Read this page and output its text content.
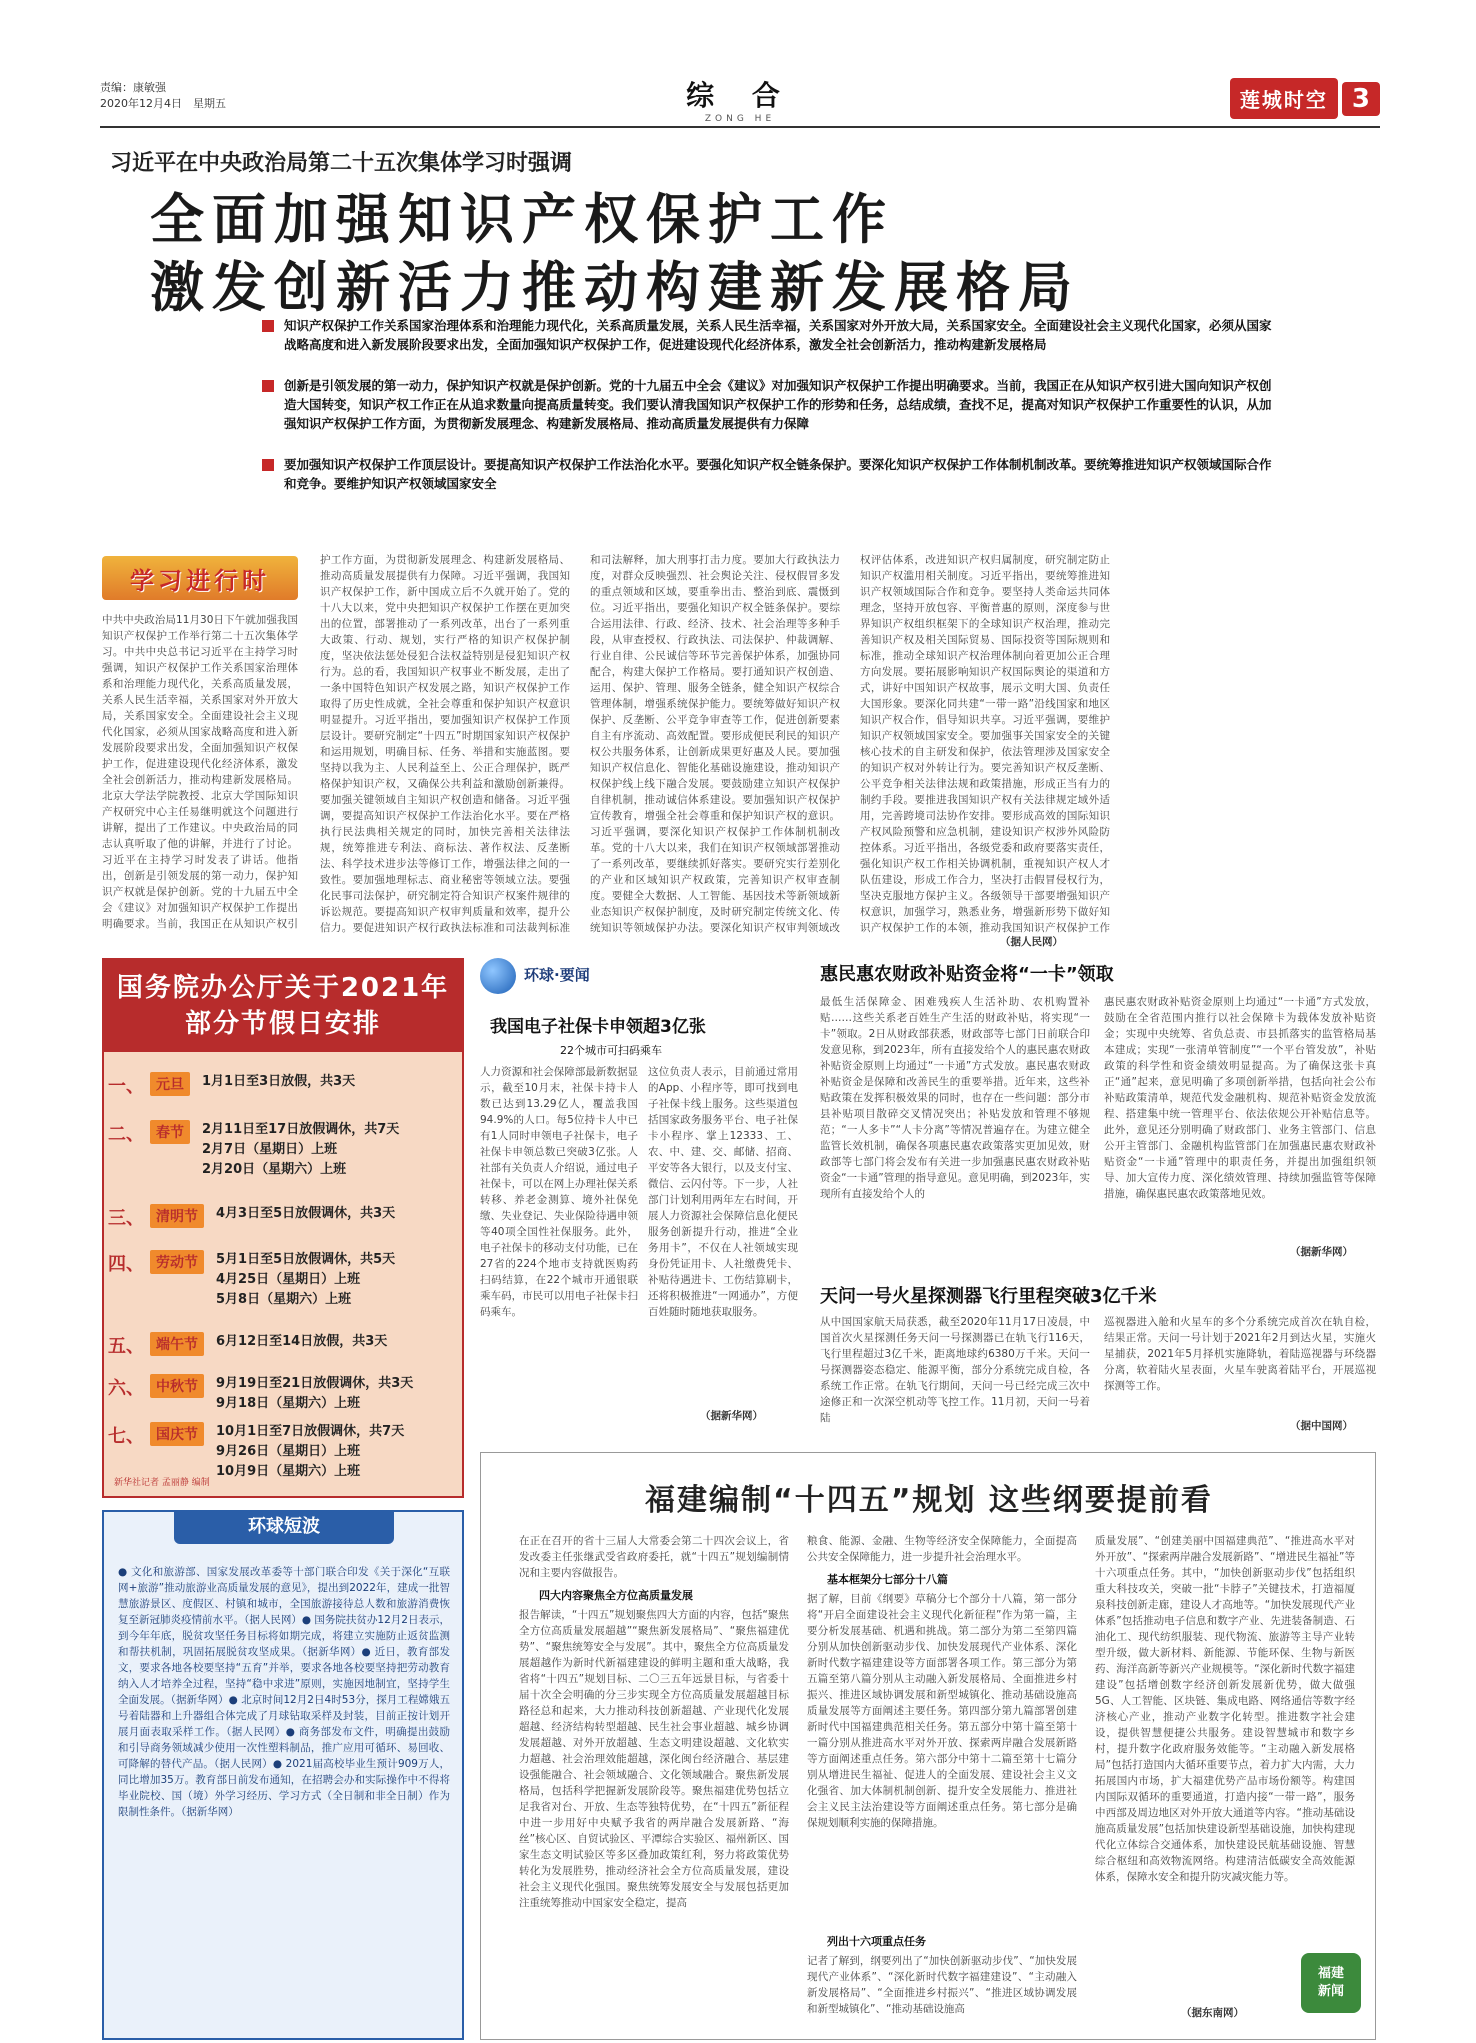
责编：康敏强
2020年12月4日　星期五	综 合
ZONG HE
莲城时空 3
习近平在中央政治局第二十五次集体学习时强调
全面加强知识产权保护工作
激发创新活力推动构建新发展格局

知识产权保护工作关系国家治理体系和治理能力现代化，关系高质量发展，关系人民生活幸福，关系国家对外开放大局，关系国家安全。全面建设社会主义现代化国家，必须从国家战略高度和进入新发展阶段要求出发，全面加强知识产权保护工作，促进建设现代化经济体系，激发全社会创新活力，推动构建新发展格局

创新是引领发展的第一动力，保护知识产权就是保护创新。党的十九届五中全会《建议》对加强知识产权保护工作提出明确要求。当前，我国正在从知识产权引进大国向知识产权创造大国转变，知识产权工作正在从追求数量向提高质量转变。我们要认清我国知识产权保护工作的形势和任务，总结成绩，查找不足，提高对知识产权保护工作重要性的认识，从加强知识产权保护工作方面，为贯彻新发展理念、构建新发展格局、推动高质量发展提供有力保障

要加强知识产权保护工作顶层设计。要提高知识产权保护工作法治化水平。要强化知识产权全链条保护。要深化知识产权保护工作体制机制改革。要统筹推进知识产权领域国际合作和竞争。要维护知识产权领域国家安全

学习进行时
中共中央政治局11月30日下午就加强我国知识产权保护工作举行第二十五次集体学习。中共中央总书记习近平在主持学习时强调，知识产权保护工作关系国家治理体系和治理能力现代化，关系高质量发展，关系人民生活幸福，关系国家对外开放大局，关系国家安全。全面建设社会主义现代化国家，必须从国家战略高度和进入新发展阶段要求出发，全面加强知识产权保护工作，促进建设现代化经济体系，激发全社会创新活力，推动构建新发展格局。北京大学法学院教授、北京大学国际知识产权研究中心主任易继明就这个问题进行讲解，提出了工作建议。中央政治局的同志认真听取了他的讲解，并进行了讨论。习近平在主持学习时发表了讲话。他指出，创新是引领发展的第一动力，保护知识产权就是保护创新。党的十九届五中全会《建议》对加强知识产权保护工作提出明确要求。当前，我国正在从知识产权引
护工作方面，为贯彻新发展理念、构建新发展格局、推动高质量发展提供有力保障。习近平强调，我国知识产权保护工作，新中国成立后不久就开始了。党的十八大以来，党中央把知识产权保护工作摆在更加突出的位置，部署推动了一系列改革，出台了一系列重大政策、行动、规划，实行严格的知识产权保护制度，坚决依法惩处侵犯合法权益特别是侵犯知识产权行为。总的看，我国知识产权事业不断发展，走出了一条中国特色知识产权发展之路，知识产权保护工作取得了历史性成就，全社会尊重和保护知识产权意识明显提升。习近平指出，要加强知识产权保护工作顶层设计。要研究制定“十四五”时期国家知识产权保护和运用规划，明确目标、任务、举措和实施蓝图。要坚持以我为主、人民利益至上、公正合理保护，既严格保护知识产权，又确保公共利益和激励创新兼得。要加强关键领域自主知识产权创造和储备。习近平强调，要提高知识产权保护工作法治化水平。要在严格执行民法典相关规定的同时，加快完善相关法律法规，统筹推进专利法、商标法、著作权法、反垄断法、科学技术进步法等修订工作，增强法律之间的一致性。要加强地理标志、商业秘密等领域立法。要强化民事司法保护，研究制定符合知识产权案件规律的诉讼规范。要提高知识产权审判质量和效率，提升公信力。要促进知识产权行政执法标准和司法裁判标准
和司法解释，加大刑事打击力度。要加大行政执法力度，对群众反映强烈、社会舆论关注、侵权假冒多发的重点领域和区域，要重拳出击、整治到底、震慑到位。习近平指出，要强化知识产权全链条保护。要综合运用法律、行政、经济、技术、社会治理等多种手段，从审查授权、行政执法、司法保护、仲裁调解、行业自律、公民诚信等环节完善保护体系，加强协同配合，构建大保护工作格局。要打通知识产权创造、运用、保护、管理、服务全链条，健全知识产权综合管理体制，增强系统保护能力。要统筹做好知识产权保护、反垄断、公平竞争审查等工作，促进创新要素自主有序流动、高效配置。要形成便民利民的知识产权公共服务体系，让创新成果更好惠及人民。要加强知识产权信息化、智能化基础设施建设，推动知识产权保护线上线下融合发展。要鼓励建立知识产权保护自律机制，推动诚信体系建设。要加强知识产权保护宣传教育，增强全社会尊重和保护知识产权的意识。习近平强调，要深化知识产权保护工作体制机制改革。党的十八大以来，我们在知识产权领域部署推动了一系列改革，要继续抓好落实。要研究实行差别化的产业和区域知识产权政策，完善知识产权审查制度。要健全大数据、人工智能、基因技术等新领域新业态知识产权保护制度，及时研究制定传统文化、传统知识等领域保护办法。要深化知识产权审判领域改
权评估体系，改进知识产权归属制度，研究制定防止知识产权滥用相关制度。习近平指出，要统筹推进知识产权领域国际合作和竞争。要坚持人类命运共同体理念，坚持开放包容、平衡普惠的原则，深度参与世界知识产权组织框架下的全球知识产权治理，推动完善知识产权及相关国际贸易、国际投资等国际规则和标准，推动全球知识产权治理体制向着更加公正合理方向发展。要拓展影响知识产权国际舆论的渠道和方式，讲好中国知识产权故事，展示文明大国、负责任大国形象。要深化同共建“一带一路”沿线国家和地区知识产权合作，倡导知识共享。习近平强调，要维护知识产权领域国家安全。要加强事关国家安全的关键核心技术的自主研发和保护，依法管理涉及国家安全的知识产权对外转让行为。要完善知识产权反垄断、公平竞争相关法律法规和政策措施，形成正当有力的制约手段。要推进我国知识产权有关法律规定域外适用，完善跨境司法协作安排。要形成高效的国际知识产权风险预警和应急机制，建设知识产权涉外风险防控体系。习近平指出，各级党委和政府要落实责任，强化知识产权工作相关协调机制，重视知识产权人才队伍建设，形成工作合力，坚决打击假冒侵权行为，坚决克服地方保护主义。各级领导干部要增强知识产权意识，加强学习，熟悉业务，增强新形势下做好知识产权保护工作的本领，推动我国知识产权保护工作
（据人民网）
国务院办公厅关于2021年
部分节假日安排
一、 元旦	1月1日至3日放假，共3天
二、 春节	2月11日至17日放假调休，共7天
2月7日（星期日）上班
2月20日（星期六）上班
三、 清明节	4月3日至5日放假调休，共3天
四、 劳动节	5月1日至5日放假调休，共5天
4月25日（星期日）上班
5月8日（星期六）上班
五、 端午节	6月12日至14日放假，共3天
六、 中秋节	9月19日至21日放假调休，共3天
9月18日（星期六）上班
七、 国庆节	10月1日至7日放假调休，共7天
9月26日（星期日）上班
10月9日（星期六）上班
新华社记者 孟丽静 编制
环球短波
● 文化和旅游部、国家发展改革委等十部门联合印发《关于深化“互联网+旅游”推动旅游业高质量发展的意见》，提出到2022年，建成一批智慧旅游景区、度假区、村镇和城市，全国旅游接待总人数和旅游消费恢复至新冠肺炎疫情前水平。（据人民网）● 国务院扶贫办12月2日表示，到今年年底，脱贫攻坚任务目标将如期完成，将建立实施防止返贫监测和帮扶机制，巩固拓展脱贫攻坚成果。（据新华网）● 近日，教育部发文，要求各地各校要坚持“五育”并举，要求各地各校要坚持把劳动教育纳入人才培养全过程，坚持“稳中求进”原则，实施因地制宜，坚持学生全面发展。（据新华网）● 北京时间12月2日4时53分，探月工程嫦娥五号着陆器和上升器组合体完成了月球钻取采样及封装，目前正按计划开展月面表取采样工作。（据人民网）● 商务部发布文件，明确提出鼓励和引导商务领域减少使用一次性塑料制品，推广应用可循环、易回收、可降解的替代产品。（据人民网）● 2021届高校毕业生预计909万人，同比增加35万。教育部日前发布通知，在招聘会办和实际操作中不得将毕业院校、国（境）外学习经历、学习方式（全日制和非全日制）作为限制性条件。（据新华网）
环球·要闻
我国电子社保卡申领超3亿张
22个城市可扫码乘车
人力资源和社会保障部最新数据显示，截至10月末，社保卡持卡人数已达到13.29亿人，覆盖我国94.9%的人口。每5位持卡人中已有1人同时申领电子社保卡，电子社保卡申领总数已突破3亿张。人社部有关负责人介绍说，通过电子社保卡，可以在网上办理社保关系转移、养老金测算、境外社保免缴、失业登记、失业保险待遇申领等40项全国性社保服务。此外，电子社保卡的移动支付功能，已在27省的224个地市支持就医购药扫码结算，在22个城市开通银联乘车码，市民可以用电子社保卡扫码乘车。
这位负责人表示，目前通过常用的App、小程序等，即可找到电子社保卡线上服务。这些渠道包括国家政务服务平台、电子社保卡小程序、掌上12333、工、农、中、建、交、邮储、招商、平安等各大银行，以及支付宝、微信、云闪付等。下一步，人社部门计划利用两年左右时间，开展人力资源社会保障信息化便民服务创新提升行动，推进“全业务用卡”，不仅在人社领域实现身份凭证用卡、人社缴费凭卡、补贴待遇进卡、工伤结算刷卡，还将积极推进“一网通办”，方便百姓随时随地获取服务。
（据新华网）
惠民惠农财政补贴资金将“一卡”领取
最低生活保障金、困难残疾人生活补助、农机购置补贴……这些关系老百姓生产生活的财政补贴，将实现“一卡”领取。2日从财政部获悉，财政部等七部门日前联合印发意见称，到2023年，所有直接发给个人的惠民惠农财政补贴资金原则上均通过“一卡通”方式发放。惠民惠农财政补贴资金是保障和改善民生的重要举措。近年来，这些补贴政策在发挥积极效果的同时，也存在一些问题：部分市县补贴项目散碎交叉情况突出；补贴发放和管理不够规范；“一人多卡”“人卡分离”等情况普遍存在。为建立健全监管长效机制，确保各项惠民惠农政策落实更加见效，财政部等七部门将会发布有关进一步加强惠民惠农财政补贴资金“一卡通”管理的指导意见。意见明确，到2023年，实现所有直接发给个人的
惠民惠农财政补贴资金原则上均通过“一卡通”方式发放，鼓励在全省范围内推行以社会保障卡为载体发放补贴资金；实现中央统筹、省负总责、市县抓落实的监管格局基本建成；实现“一张清单管制度”“一个平台管发放”，补贴政策的科学性和资金绩效明显提高。为了确保这张卡真正“通”起来，意见明确了多项创新举措，包括向社会公布补贴政策清单，规范代发金融机构、规范补贴资金发放流程、搭建集中统一管理平台、依法依规公开补贴信息等。此外，意见还分别明确了财政部门、业务主管部门、信息公开主管部门、金融机构监管部门在加强惠民惠农财政补贴资金“一卡通”管理中的职责任务，并提出加强组织领导、加大宣传力度、深化绩效管理、持续加强监管等保障措施，确保惠民惠农政策落地见效。
（据新华网）
天问一号火星探测器飞行里程突破3亿千米
从中国国家航天局获悉，截至2020年11月17日凌晨，中国首次火星探测任务天问一号探测器已在轨飞行116天，飞行里程超过3亿千米，距离地球约6380万千米。天问一号探测器姿态稳定、能源平衡，部分分系统完成自检，各系统工作正常。在轨飞行期间，天问一号已经完成三次中途修正和一次深空机动等飞控工作。11月初，天问一号着陆
巡视器进入舱和火星车的多个分系统完成首次在轨自检，结果正常。天问一号计划于2021年2月到达火星，实施火星捕获，2021年5月择机实施降轨，着陆巡视器与环绕器分离，软着陆火星表面，火星车驶离着陆平台，开展巡视探测等工作。
（据中国网）
福建编制“十四五”规划 这些纲要提前看
在正在召开的省十三届人大常委会第二十四次会议上，省发改委主任张继武受省政府委托，就“十四五”规划编制情况和主要内容做报告。
四大内容聚焦全方位高质量发展
报告解读，“十四五”规划聚焦四大方面的内容，包括“聚焦全方位高质量发展超越”“聚焦新发展格局”、“聚焦福建优势”、“聚焦统筹安全与发展”。其中，聚焦全方位高质量发展超越作为新时代新福建建设的鲜明主题和重大战略，我省将“十四五”规划目标、二〇三五年远景目标，与省委十届十次全会明确的分三步实现全方位高质量发展超越目标路径总和起来，大力推动科技创新超越、产业现代化发展超越、经济结构转型超越、民生社会事业超越、城乡协调发展超越、对外开放超越、生态文明建设超越、文化软实力超越、社会治理效能超越，深化闽台经济融合、基层建设强能融合、社会领域融合、文化领域融合。聚焦新发展格局，包括科学把握新发展阶段等。聚焦福建优势包括立足我省对台、开放、生态等独特优势，在“十四五”新征程中进一步用好中央赋予我省的两岸融合发展新路、“海丝”核心区、自贸试验区、平潭综合实验区、福州新区、国家生态文明试验区等多区叠加政策红利，努力将政策优势转化为发展胜势，推动经济社会全方位高质量发展，建设社会主义现代化强国。聚焦统筹发展安全与发展包括更加注重统筹推动中国家安全稳定，提高
粮食、能源、金融、生物等经济安全保障能力，全面提高公共安全保障能力，进一步提升社会治理水平。
基本框架分七部分十八篇
据了解，目前《纲要》草稿分七个部分十八篇，第一部分将“开启全面建设社会主义现代化新征程”作为第一篇，主要分析发展基础、机遇和挑战。第二部分为第二至第四篇分别从加快创新驱动步伐、加快发展现代产业体系、深化新时代数字福建建设等方面部署各项工作。第三部分为第五篇至第八篇分别从主动融入新发展格局、全面推进乡村振兴、推进区域协调发展和新型城镇化、推动基础设施高质量发展等方面阐述主要任务。第四部分第九篇部署创建新时代中国福建典范相关任务。第五部分中第十篇至第十一篇分别从推进高水平对外开放、探索两岸融合发展新路等方面阐述重点任务。第六部分中第十二篇至第十七篇分别从增进民生福祉、促进人的全面发展、建设社会主义文化强省、加大体制机制创新、提升安全发展能力、推进社会主义民主法治建设等方面阐述重点任务。第七部分是确保规划顺利实施的保障措施。
列出十六项重点任务
记者了解到，纲要列出了“加快创新驱动步伐”、“加快发展现代产业体系”、“深化新时代数字福建建设”、“主动融入新发展格局”、“全面推进乡村振兴”、“推进区域协调发展和新型城镇化”、“推动基础设施高
质量发展”、“创建美丽中国福建典范”、“推进高水平对外开放”、“探索两岸融合发展新路”、“增进民生福祉”等十六项重点任务。其中，“加快创新驱动步伐”包括组织重大科技攻关，突破一批“卡脖子”关键技术，打造福厦泉科技创新走廊，建设人才高地等。“加快发展现代产业体系”包括推动电子信息和数字产业、先进装备制造、石油化工、现代纺织服装、现代物流、旅游等主导产业转型升级，做大新材料、新能源、节能环保、生物与新医药、海洋高新等新兴产业规模等。“深化新时代数字福建建设”包括增创数字经济创新发展新优势，做大做强5G、人工智能、区块链、集成电路、网络通信等数字经济核心产业，推动产业数字化转型。推进数字社会建设，提供智慧便捷公共服务。建设智慧城市和数字乡村，提升数字化政府服务效能等。“主动融入新发展格局”包括打造国内大循环重要节点，着力扩大内需，大力拓展国内市场，扩大福建优势产品市场份额等。构建国内国际双循环的重要通道，打造内接“一带一路”，服务中西部及周边地区对外开放大通道等内容。“推动基础设施高质量发展”包括加快建设新型基础设施，加快构建现代化立体综合交通体系，加快建设民航基础设施、智慧综合枢纽和高效物流网络。构建清洁低碳安全高效能源体系，保障水安全和提升防灾减灾能力等。
（据东南网）
福建
新闻
